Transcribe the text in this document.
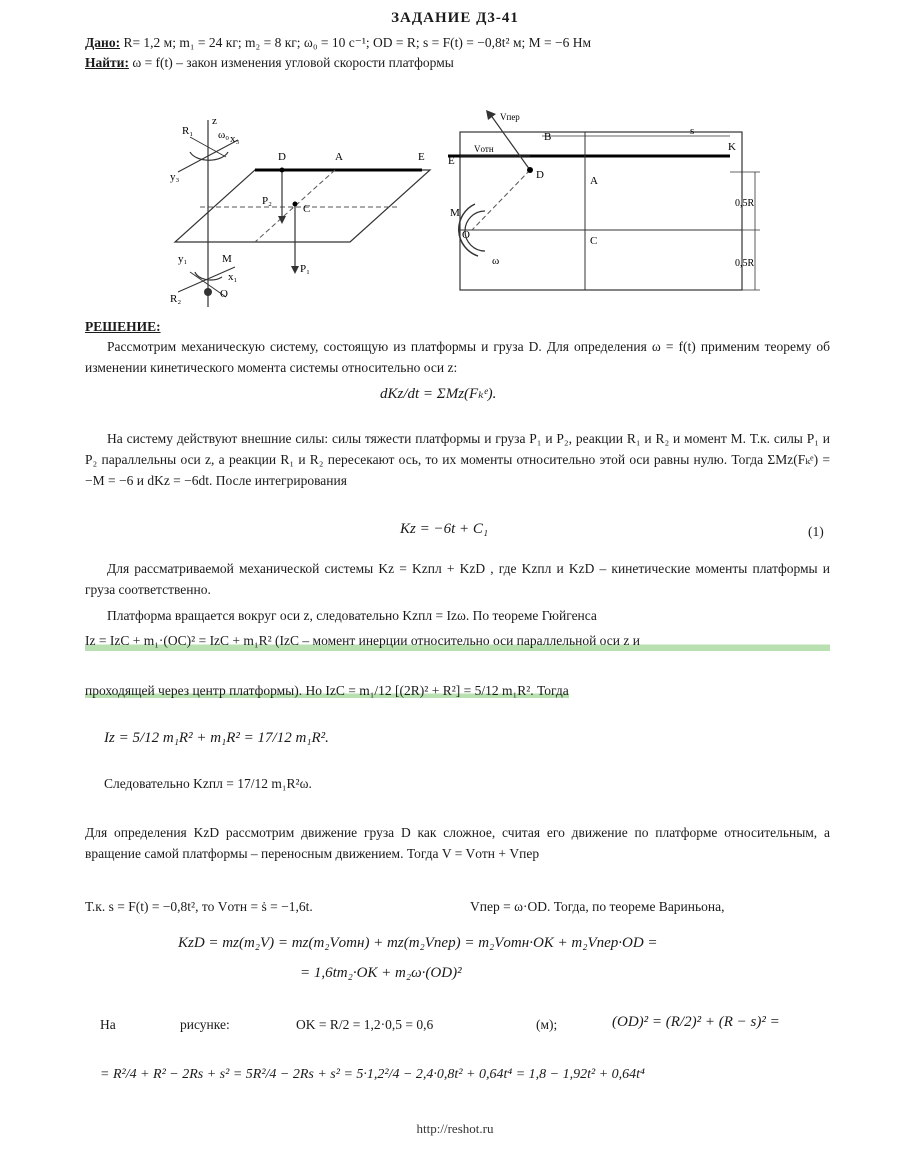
ЗАДАНИЕ Д3-41
Дано: R= 1,2 м; m₁ = 24 кг; m₂ = 8 кг; ω₀ = 10 с⁻¹; OD = R; s = F(t) = −0,8t² м; M = −6 Нм
Найти: ω = f(t) – закон изменения угловой скорости платформы
R₁
y₃
x₃
z
ω₀
D	A	E
P₂
P₁
C
y₁	M
R₂	O
x₁
Vпер
Vотн
E
B
K
D	A
C
O
M
ω
s
0,5R
0,5R
РЕШЕНИЕ:
Рассмотрим механическую систему, состоящую из платформы и груза D. Для определения ω = f(t) применим теорему об изменении кинетического момента системы относительно оси z:
dKz/dt = ΣMz(Fₖᵉ).
На систему действуют внешние силы: силы тяжести платформы и груза P₁ и P₂, реакции R₁ и R₂ и момент M. Т.к. силы P₁ и P₂ параллельны оси z, а реакции R₁ и R₂ пересекают ось, то их моменты относительно этой оси равны нулю. Тогда ΣMz(Fₖᵉ) = −M = −6 и dKz = −6dt. После интегрирования
Kz = −6t + C₁	(1)
Для рассматриваемой механической системы Kz = Kzпл + KzD , где Kzпл и KzD – кинетические моменты платформы и груза соответственно.
Платформа вращается вокруг оси z, следовательно Kzпл = Izω. По теореме Гюйгенса
Iz = IzC + m₁·(OC)² = IzC + m₁R² (IzC – момент инерции относительно оси параллельной оси z и
проходящей через центр платформы). Но IzC = m₁/12 [(2R)² + R²] = 5/12 m₁R². Тогда
Iz = 5/12 m₁R² + m₁R² = 17/12 m₁R².
Следовательно Kzпл = 17/12 m₁R²ω.
Для определения KzD рассмотрим движение груза D как сложное, считая его движение по платформе относительным, а вращение самой платформы – переносным движением. Тогда V = Vотн + Vпер
Т.к. s = F(t) = −0,8t², то Vотн = ṡ = −1,6t.	Vпер = ω·OD. Тогда, по теореме Вариньона,
KzD = mz(m₂V) = mz(m₂Vотн) + mz(m₂Vпер) = m₂Vотн·OK + m₂Vпер·OD =
= 1,6tm₂·OK + m₂ω·(OD)²
На	рисунке:	OK = R/2 = 1,2·0,5 = 0,6	(м);	(OD)² = (R/2)² + (R − s)² =
= R²/4 + R² − 2Rs + s² = 5R²/4 − 2Rs + s² = 5·1,2²/4 − 2,4·0,8t² + 0,64t⁴ = 1,8 − 1,92t² + 0,64t⁴
http://reshot.ru
